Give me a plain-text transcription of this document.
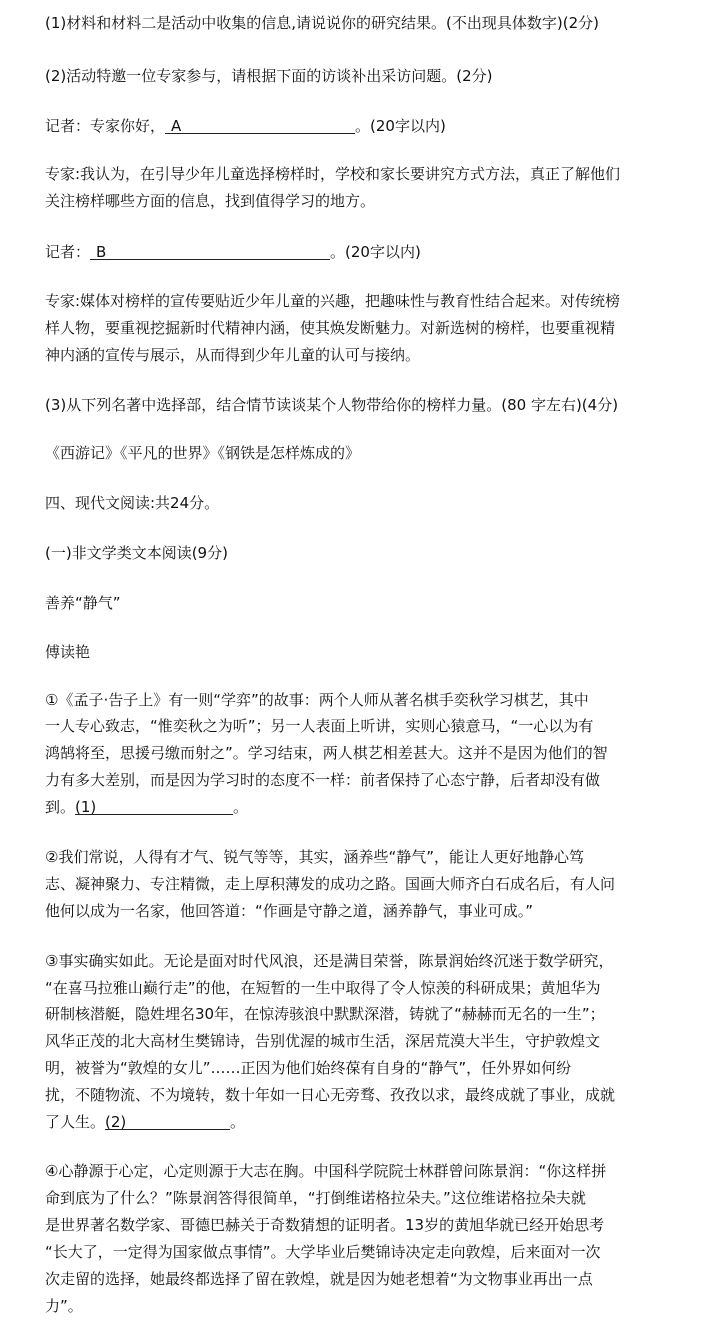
(1)材料和材料二是活动中收集的信息,请说说你的研究结果。(不出现具体数字)(2分)
(2)活动特邀一位专家参与，请根据下面的访谈补出采访问题。(2分)
记者：专家你好， A	。(20字以内)
专家:我认为，在引导少年儿童选择榜样时，学校和家长要讲究方式方法，真正了解他们
关注榜样哪些方面的信息，找到值得学习的地方。
记者： B	。(20字以内)
专家:媒体对榜样的宣传要贴近少年儿童的兴趣，把趣味性与教育性结合起来。对传统榜
样人物，要重视挖掘新时代精神内涵，使其焕发断魅力。对新选树的榜样，也要重视精
神内涵的宣传与展示，从而得到少年儿童的认可与接纳。
(3)从下列名著中选择部，结合情节读谈某个人物带给你的榜样力量。(80 字左右)(4分)
《西游记》《平凡的世界》《钢铁是怎样炼成的》
四、现代文阅读:共24分。
(一)非文学类文本阅读(9分)
善养“静气”
傅读艳
①《孟子·告子上》有一则“学弈”的故事：两个人师从著名棋手奕秋学习棋艺，其中
一人专心致志，“惟奕秋之为听”；另一人表面上听讲，实则心猿意马，“一心以为有
鸿鹄将至，思援弓缴而射之”。学习结束，两人棋艺相差甚大。这并不是因为他们的智
力有多大差别，而是因为学习时的态度不一样：前者保持了心态宁静，后者却没有做
到。(1)	。
②我们常说，人得有才气、锐气等等，其实，涵养些“静气”，能让人更好地静心笃
志、凝神聚力、专注精微，走上厚积薄发的成功之路。国画大师齐白石成名后，有人问
他何以成为一名家，他回答道：“作画是守静之道，涵养静气，事业可成。”
③事实确实如此。无论是面对时代风浪，还是满目荣誉，陈景润始终沉迷于数学研究，
“在喜马拉雅山巅行走”的他，在短暂的一生中取得了令人惊羡的科研成果；黄旭华为
研制核潜艇，隐姓埋名30年，在惊涛骇浪中默默深潜，铸就了“赫赫而无名的一生”；
风华正茂的北大高材生樊锦诗，告别优渥的城市生活，深居荒漠大半生，守护敦煌文
明，被誉为“敦煌的女儿”……正因为他们始终葆有自身的“静气”，任外界如何纷
扰，不随物流、不为境转，数十年如一日心无旁骛、孜孜以求，最终成就了事业，成就
了人生。(2)	。
④心静源于心定，心定则源于大志在胸。中国科学院院士林群曾问陈景润：“你这样拼
命到底为了什么？”陈景润答得很简单，“打倒维诺格拉朵夫。”这位维诺格拉朵夫就
是世界著名数学家、哥德巴赫关于奇数猜想的证明者。13岁的黄旭华就已经开始思考
“长大了，一定得为国家做点事情”。大学毕业后樊锦诗决定走向敦煌，后来面对一次
次走留的选择，她最终都选择了留在敦煌，就是因为她老想着“为文物事业再出一点
力”。
